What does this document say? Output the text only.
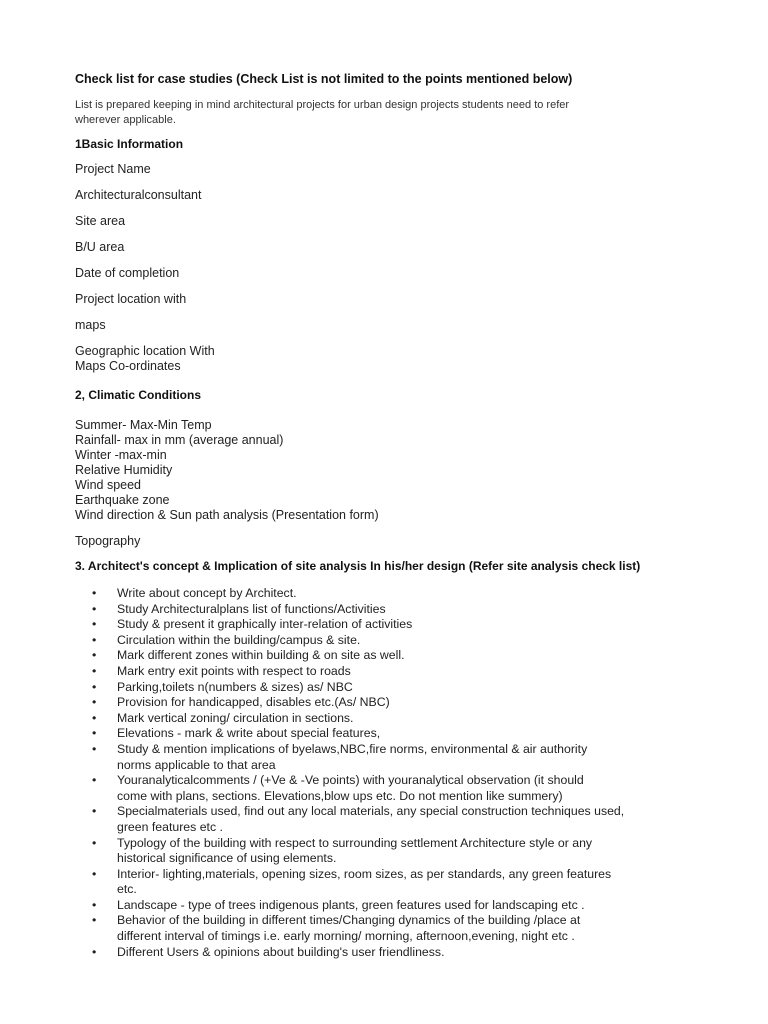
Check list for case studies (Check List is not limited to the points mentioned below)
List is prepared keeping in mind architectural projects for urban design projects students need to refer
wherever applicable.
1Basic Information
Project Name
Architecturalconsultant
Site area
B/U area
Date of completion
Project location with
maps
Geographic location With
Maps Co-ordinates
2, Climatic Conditions
Summer- Max-Min Temp
Rainfall- max in mm (average annual)
Winter -max-min
Relative Humidity
Wind speed
Earthquake zone
Wind direction & Sun path analysis (Presentation form)
Topography
3. Architect's concept & Implication of site analysis In his/her design (Refer site analysis check list)
• Write about concept by Architect.
• Study Architecturalplans list of functions/Activities
• Study & present it graphically inter-relation of activities
• Circulation within the building/campus & site.
• Mark different zones within building & on site as well.
• Mark entry exit points with respect to roads
• Parking,toilets n(numbers & sizes) as/ NBC
• Provision for handicapped, disables etc.(As/ NBC)
• Mark vertical zoning/ circulation in sections.
• Elevations - mark & write about special features,
• Study & mention implications of byelaws,NBC,fire norms, environmental & air authority
norms applicable to that area
• Youranalyticalcomments / (+Ve & -Ve points) with youranalytical observation (it should
come with plans, sections. Elevations,blow ups etc. Do not mention like summery)
• Specialmaterials used, find out any local materials, any special construction techniques used,
green features etc .
• Typology of the building with respect to surrounding settlement Architecture style or any
historical significance of using elements.
• Interior- lighting,materials, opening sizes, room sizes, as per standards, any green features
etc.
• Landscape - type of trees indigenous plants, green features used for landscaping etc .
• Behavior of the building in different times/Changing dynamics of the building /place at
different interval of timings i.e. early morning/ morning, afternoon,evening, night etc .
• Different Users & opinions about building's user friendliness.
